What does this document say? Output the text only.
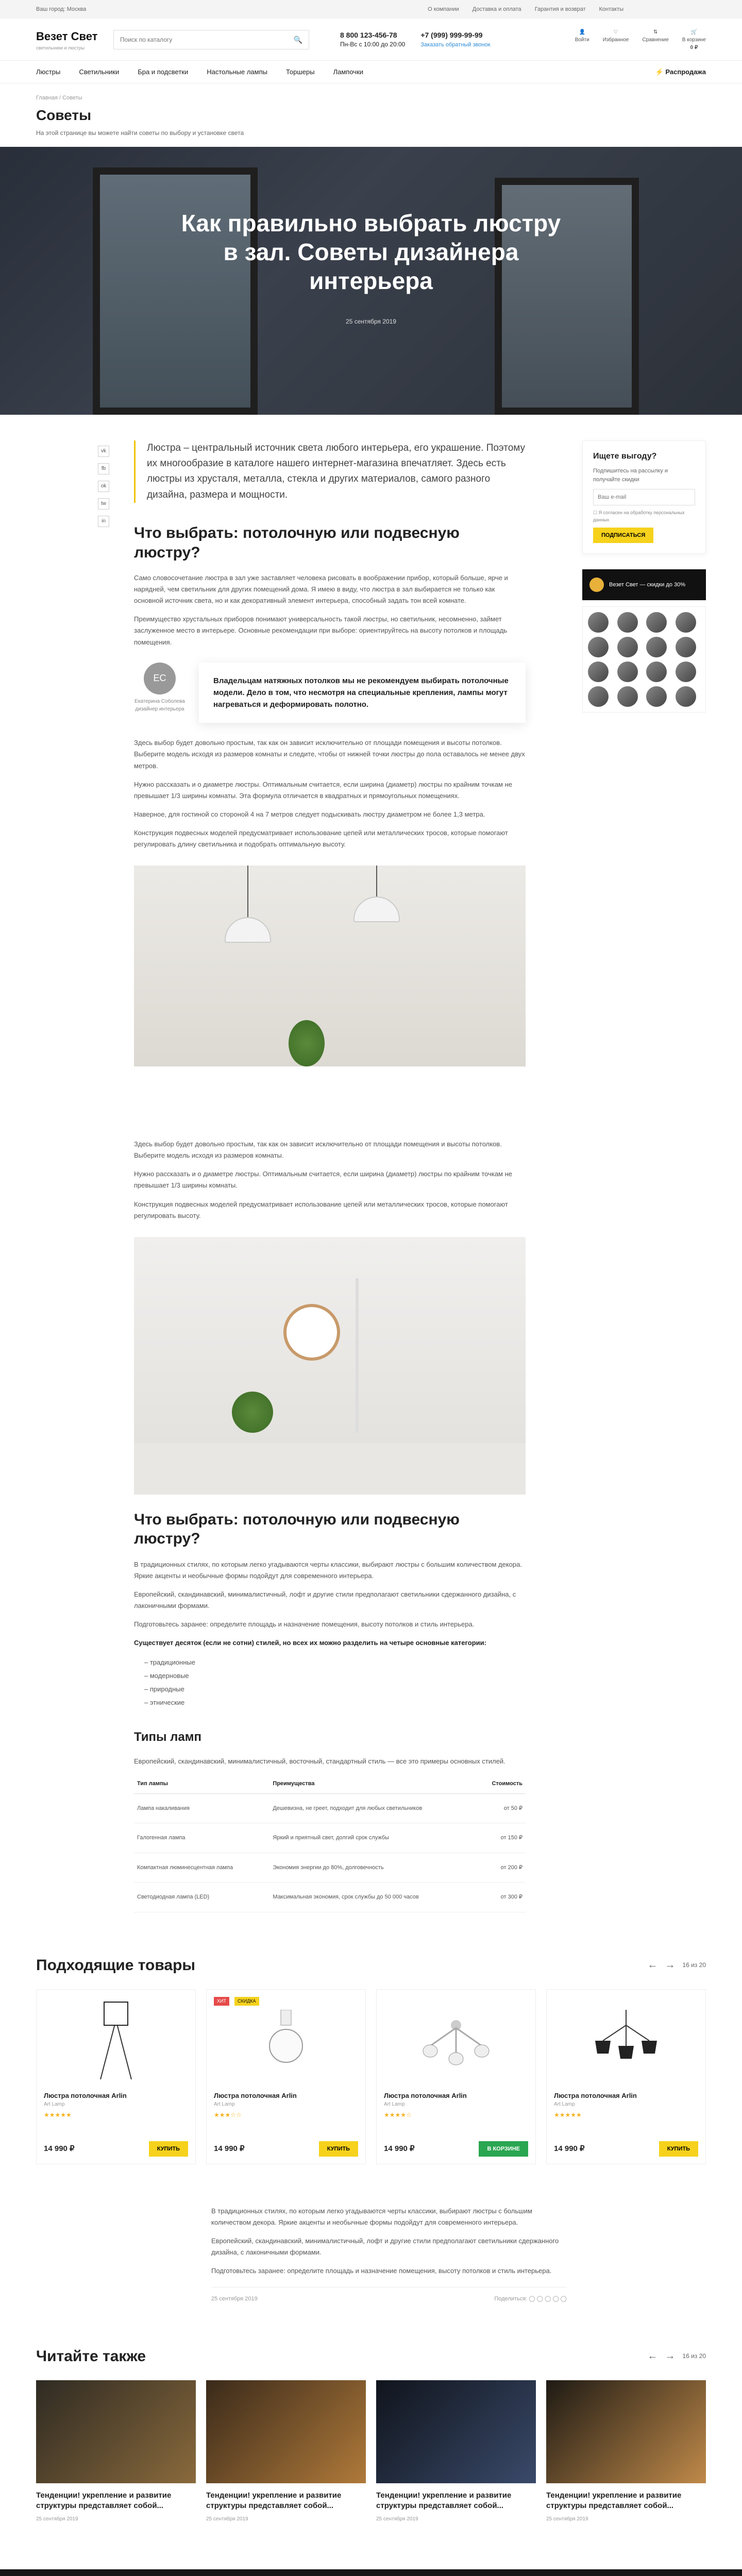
Ваш город: Москва	О компании Доставка и оплата Гарантия и возврат Контакты
Везет Свет
светильники и люстры
Поиск по каталогу
🔍
8 800 123-456-78
Пн-Вс с 10:00 до 20:00
+7 (999) 999-99-99
Заказать обратный звонок
👤
Войти
♡
Избранное
⇅
Сравнение
🛒
В корзине
0 ₽
Люстры	Светильники	Бра и подсветки	Настольные лампы	Торшеры	Лампочки	⚡ Распродажа
Главная / Советы
Советы

На этой странице вы можете найти советы по выбору и установке света

Как правильно выбрать люстру в зал. Советы дизайнера интерьера
25 сентября 2019
vk
fb
ok
tw
in
Люстра – центральный источник света любого интерьера, его украшение. Поэтому их многообразие в каталоге нашего интернет-магазина впечатляет. Здесь есть люстры из хрусталя, металла, стекла и других материалов, самого разного дизайна, размера и мощности.
Что выбрать: потолочную или подвесную люстру?

Само словосочетание люстра в зал уже заставляет человека рисовать в воображении прибор, который больше, ярче и нарядней, чем светильник для других помещений дома. Я имею в виду, что люстра в зал выбирается не только как основной источник света, но и как декоративный элемент интерьера, способный задать тон всей комнате.

Преимущество хрустальных приборов понимают универсальность такой люстры, но светильник, несомненно, займет заслуженное место в интерьере. Основные рекомендации при выборе: ориентируйтесь на высоту потолков и площадь помещения.

ЕС
Екатерина Соболева
дизайнер интерьера
Владельцам натяжных потолков мы не рекомендуем выбирать потолочные модели. Дело в том, что несмотря на специальные крепления, лампы могут нагреваться и деформировать полотно.

Здесь выбор будет довольно простым, так как он зависит исключительно от площади помещения и высоты потолков. Выберите модель исходя из размеров комнаты и следите, чтобы от нижней точки люстры до пола оставалось не менее двух метров.

Нужно рассказать и о диаметре люстры. Оптимальным считается, если ширина (диаметр) люстры по крайним точкам не превышает 1/3 ширины комнаты. Эта формула отличается в квадратных и прямоугольных помещениях.

Наверное, для гостиной со стороной 4 на 7 метров следует подыскивать люстру диаметром не более 1,3 метра.

Конструкция подвесных моделей предусматривает использование цепей или металлических тросов, которые помогают регулировать длину светильника и подобрать оптимальную высоту.

Здесь выбор будет довольно простым, так как он зависит исключительно от площади помещения и высоты потолков. Выберите модель исходя из размеров комнаты.

Нужно рассказать и о диаметре люстры. Оптимальным считается, если ширина (диаметр) люстры по крайним точкам не превышает 1/3 ширины комнаты.

Конструкция подвесных моделей предусматривает использование цепей или металлических тросов, которые помогают регулировать высоту.

Что выбрать: потолочную или подвесную люстру?

В традиционных стилях, по которым легко угадываются черты классики, выбирают люстры с большим количеством декора. Яркие акценты и необычные формы подойдут для современного интерьера.

Европейский, скандинавский, минималистичный, лофт и другие стили предполагают светильники сдержанного дизайна, с лаконичными формами.

Подготовьтесь заранее: определите площадь и назначение помещения, высоту потолков и стиль интерьера.

Существует десяток (если не сотни) стилей, но всех их можно разделить на четыре основные категории:

– традиционные
– модерновые
– природные
– этнические
Типы ламп

Европейский, скандинавский, минималистичный, восточный, стандартный стиль — все это примеры основных стилей.

Тип лампы	Преимущества	Стоимость
Лампа накаливания	Дешевизна, не греет, подходит для любых светильников	от 50 ₽
Галогенная лампа	Яркий и приятный свет, долгий срок службы	от 150 ₽
Компактная люминесцентная лампа	Экономия энергии до 80%, долговечность	от 200 ₽
Светодиодная лампа (LED)	Максимальная экономия, срок службы до 50 000 часов	от 300 ₽
Ищете выгоду?

Подпишитесь на рассылку и получайте скидки

Ваш e-mail
☐ Я согласен на обработку персональных данных
ПОДПИСАТЬСЯ
Везет Свет — скидки до 30%
Подходящие товары	← → 16 из 20
Люстра потолочная Arlin
Art Lamp
★★★★★
14 990 ₽	КУПИТЬ
ХИТ	СКИДКА
Люстра потолочная Arlin
Art Lamp
★★★☆☆
14 990 ₽	КУПИТЬ
Люстра потолочная Arlin
Art Lamp
★★★★☆
14 990 ₽	В КОРЗИНЕ
Люстра потолочная Arlin
Art Lamp
★★★★★
14 990 ₽	КУПИТЬ

В традиционных стилях, по которым легко угадываются черты классики, выбирают люстры с большим количеством декора. Яркие акценты и необычные формы подойдут для современного интерьера.

Европейский, скандинавский, минималистичный, лофт и другие стили предполагают светильники сдержанного дизайна, с лаконичными формами.

Подготовьтесь заранее: определите площадь и назначение помещения, высоту потолков и стиль интерьера.

25 сентября 2019	Поделиться: ◯ ◯ ◯ ◯ ◯
Читайте также	← → 16 из 20
Тенденции! укрепление и развитие структуры представляет собой...
25 сентября 2019
Тенденции! укрепление и развитие структуры представляет собой...
25 сентября 2019
Тенденции! укрепление и развитие структуры представляет собой...
25 сентября 2019
Тенденции! укрепление и развитие структуры представляет собой...
25 сентября 2019
